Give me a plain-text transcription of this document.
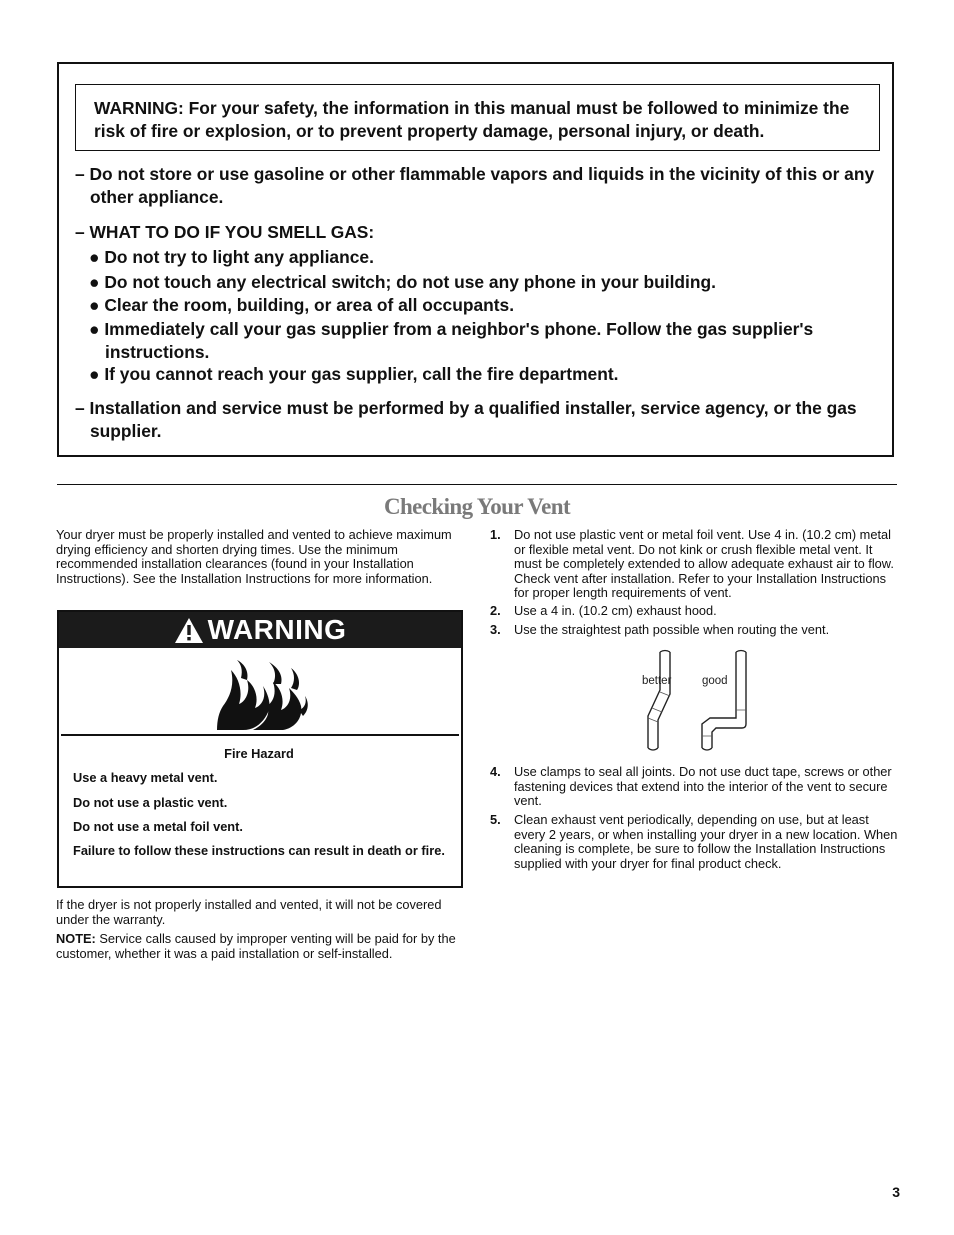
WARNING: For your safety, the information in this manual must be followed to minimize the risk of fire or explosion, or to prevent property damage, personal injury, or death.
– Do not store or use gasoline or other flammable vapors and liquids in the vicinity of this or any other appliance.
– WHAT TO DO IF YOU SMELL GAS:
● Do not try to light any appliance.
● Do not touch any electrical switch; do not use any phone in your building.
● Clear the room, building, or area of all occupants.
● Immediately call your gas supplier from a neighbor's phone. Follow the gas supplier's instructions.
● If you cannot reach your gas supplier, call the fire department.
– Installation and service must be performed by a qualified installer, service agency, or the gas supplier.
Checking Your Vent
Your dryer must be properly installed and vented to achieve maximum drying efficiency and shorten drying times. Use the minimum recommended installation clearances (found in your Installation Instructions). See the Installation Instructions for more information.
WARNING
Fire Hazard
Use a heavy metal vent.
Do not use a plastic vent.
Do not use a metal foil vent.
Failure to follow these instructions can result in death or fire.
If the dryer is not properly installed and vented, it will not be covered under the warranty.
NOTE: Service calls caused by improper venting will be paid for by the customer, whether it was a paid installation or self-installed.
1. Do not use plastic vent or metal foil vent. Use 4 in. (10.2 cm) metal or flexible metal vent. Do not kink or crush flexible metal vent. It must be completely extended to allow adequate exhaust air to flow. Check vent after installation. Refer to your Installation Instructions for proper length requirements of vent.
2. Use a 4 in. (10.2 cm) exhaust hood.
3. Use the straightest path possible when routing the vent.
better	good
4. Use clamps to seal all joints. Do not use duct tape, screws or other fastening devices that extend into the interior of the vent to secure vent.
5. Clean exhaust vent periodically, depending on use, but at least every 2 years, or when installing your dryer in a new location. When cleaning is complete, be sure to follow the Installation Instructions supplied with your dryer for final product check.
3
